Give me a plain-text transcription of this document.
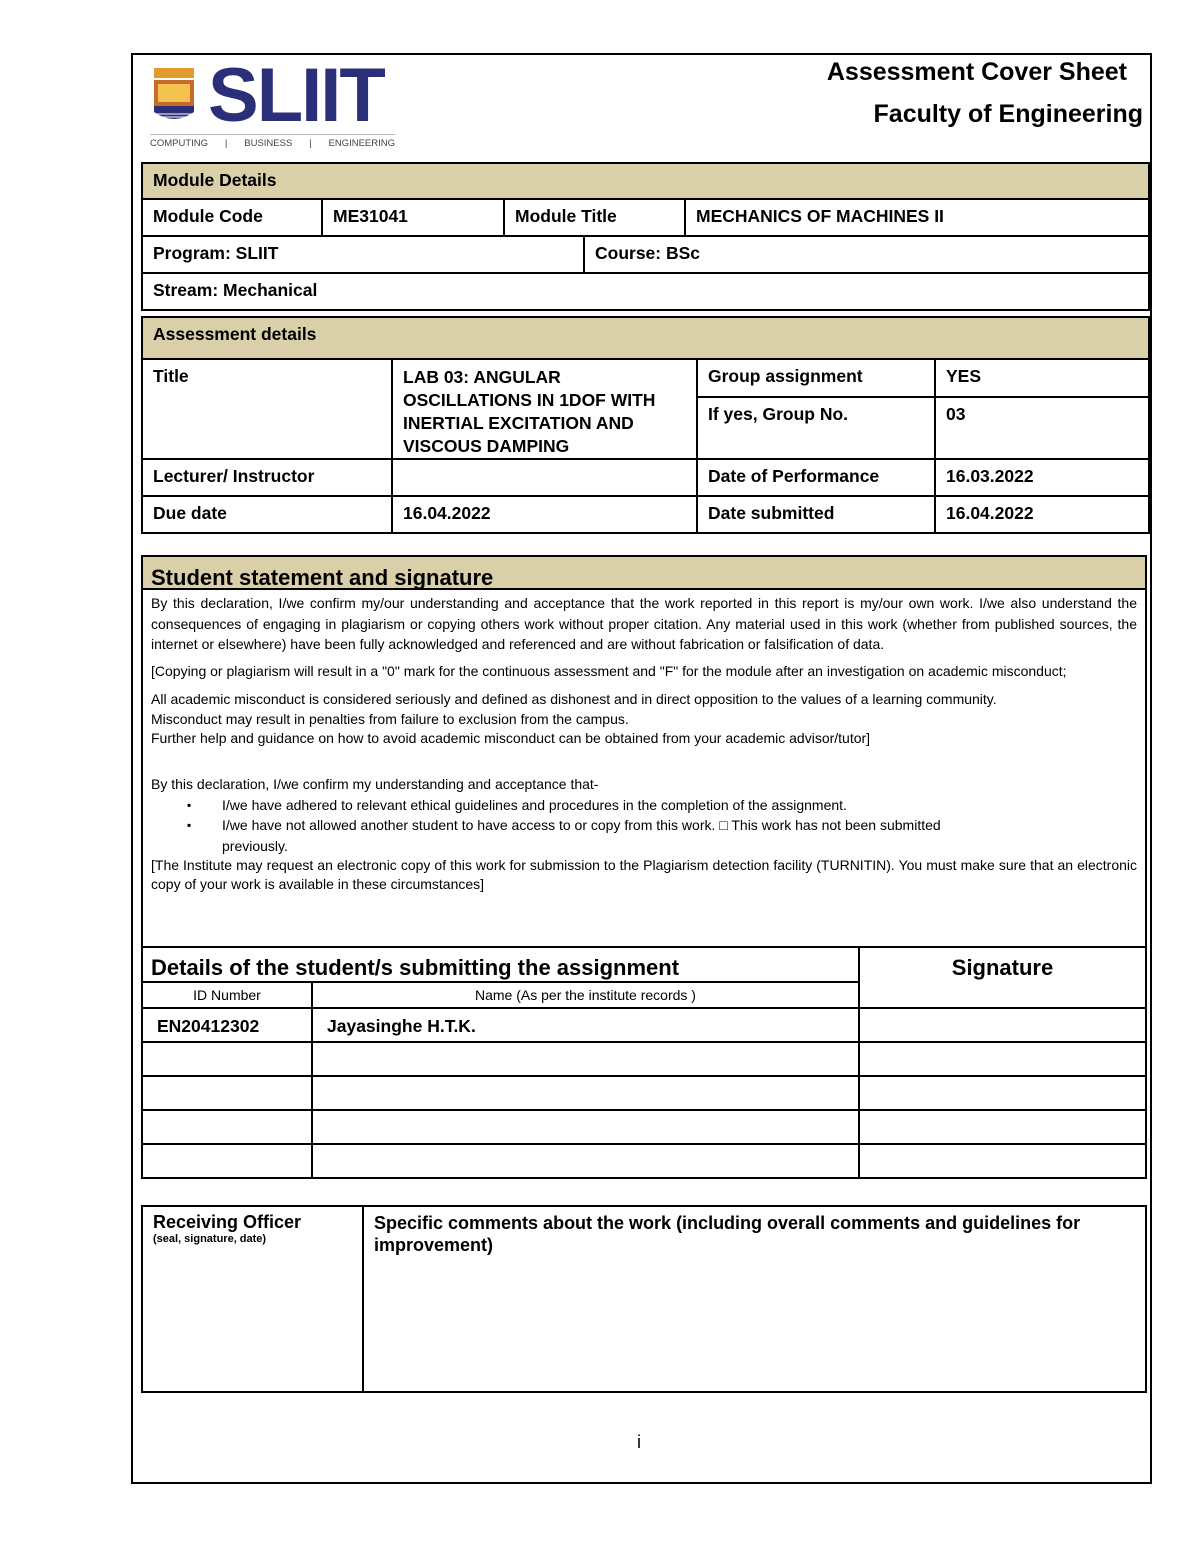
SLIIT
COMPUTING | BUSINESS | ENGINEERING
Assessment Cover Sheet
Faculty of Engineering
Module Details				
Module Code	ME31041	Module Title		MECHANICS OF MACHINES II
Program: SLIIT			Course: BSc	
Stream: Mechanical				
Assessment details			
Title	LAB 03: ANGULAR OSCILLATIONS IN 1DOF WITH INERTIAL EXCITATION AND VISCOUS DAMPING	Group assignment	YES
		If yes, Group No.	03
Lecturer/ Instructor		Date of Performance	16.03.2022
Due date	16.04.2022	Date submitted	16.04.2022
Student statement and signature

By this declaration, I/we confirm my/our understanding and acceptance that the work reported in this report is my/our own work. I/we also understand the consequences of engaging in plagiarism or copying others work without proper citation. Any material used in this work (whether from published sources, the internet or elsewhere) have been fully acknowledged and referenced and are without fabrication or falsification of data.

[Copying or plagiarism will result in a "0" mark for the continuous assessment and "F" for the module after an investigation on academic misconduct;

All academic misconduct is considered seriously and defined as dishonest and in direct opposition to the values of a learning community.
Misconduct may result in penalties from failure to exclusion from the campus.
Further help and guidance on how to avoid academic misconduct can be obtained from your academic advisor/tutor]
By this declaration, I/we confirm my understanding and acceptance that-
▪ I/we have adhered to relevant ethical guidelines and procedures in the completion of the assignment.
▪ I/we have not allowed another student to have access to or copy from this work. □ This work has not been submitted previously.
[The Institute may request an electronic copy of this work for submission to the Plagiarism detection facility (TURNITIN). You must make sure that an electronic copy of your work is available in these circumstances]
Details of the student/s submitting the assignment		Signature
ID Number	Name (As per the institute records )	
EN20412302	Jayasinghe H.T.K.	

Receiving Officer
(seal, signature, date)
	Specific comments about the work (including overall comments and guidelines for improvement)
i
